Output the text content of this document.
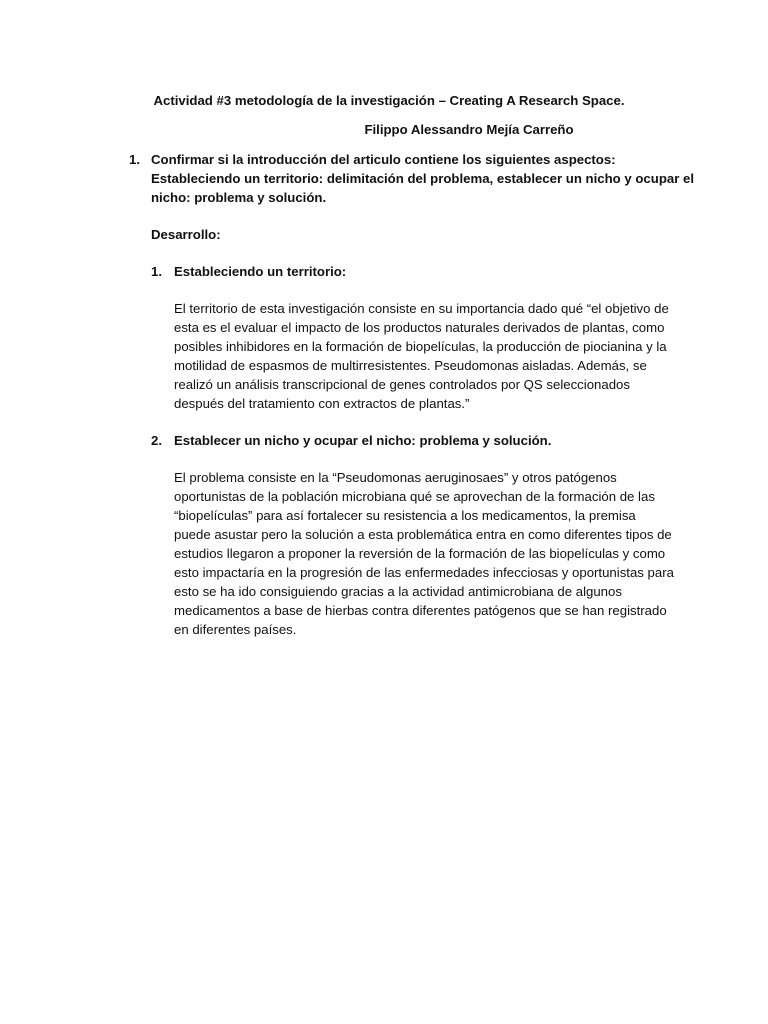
Actividad #3 metodología de la investigación – Creating A Research Space.
Filippo Alessandro Mejía Carreño
1. Confirmar si la introducción del articulo contiene los siguientes aspectos: Estableciendo un territorio: delimitación del problema, establecer un nicho y ocupar el nicho: problema y solución.
Desarrollo:
1. Estableciendo un territorio:

El territorio de esta investigación consiste en su importancia dado qué “el objetivo de esta es el evaluar el impacto de los productos naturales derivados de plantas, como posibles inhibidores en la formación de biopelículas, la producción de piocianina y la motilidad de espasmos de multirresistentes. Pseudomonas aisladas. Además, se realizó un análisis transcripcional de genes controlados por QS seleccionados después del tratamiento con extractos de plantas.”

2. Establecer un nicho y ocupar el nicho: problema y solución.

El problema consiste en la “Pseudomonas aeruginosaes” y otros patógenos oportunistas de la población microbiana qué se aprovechan de la formación de las “biopelículas” para así fortalecer su resistencia a los medicamentos, la premisa puede asustar pero la solución a esta problemática entra en como diferentes tipos de estudios llegaron a proponer la reversión de la formación de las biopelículas y como esto impactaría en la progresión de las enfermedades infecciosas y oportunistas para esto se ha ido consiguiendo gracias a la actividad antimicrobiana de algunos medicamentos a base de hierbas contra diferentes patógenos que se han registrado en diferentes países.
